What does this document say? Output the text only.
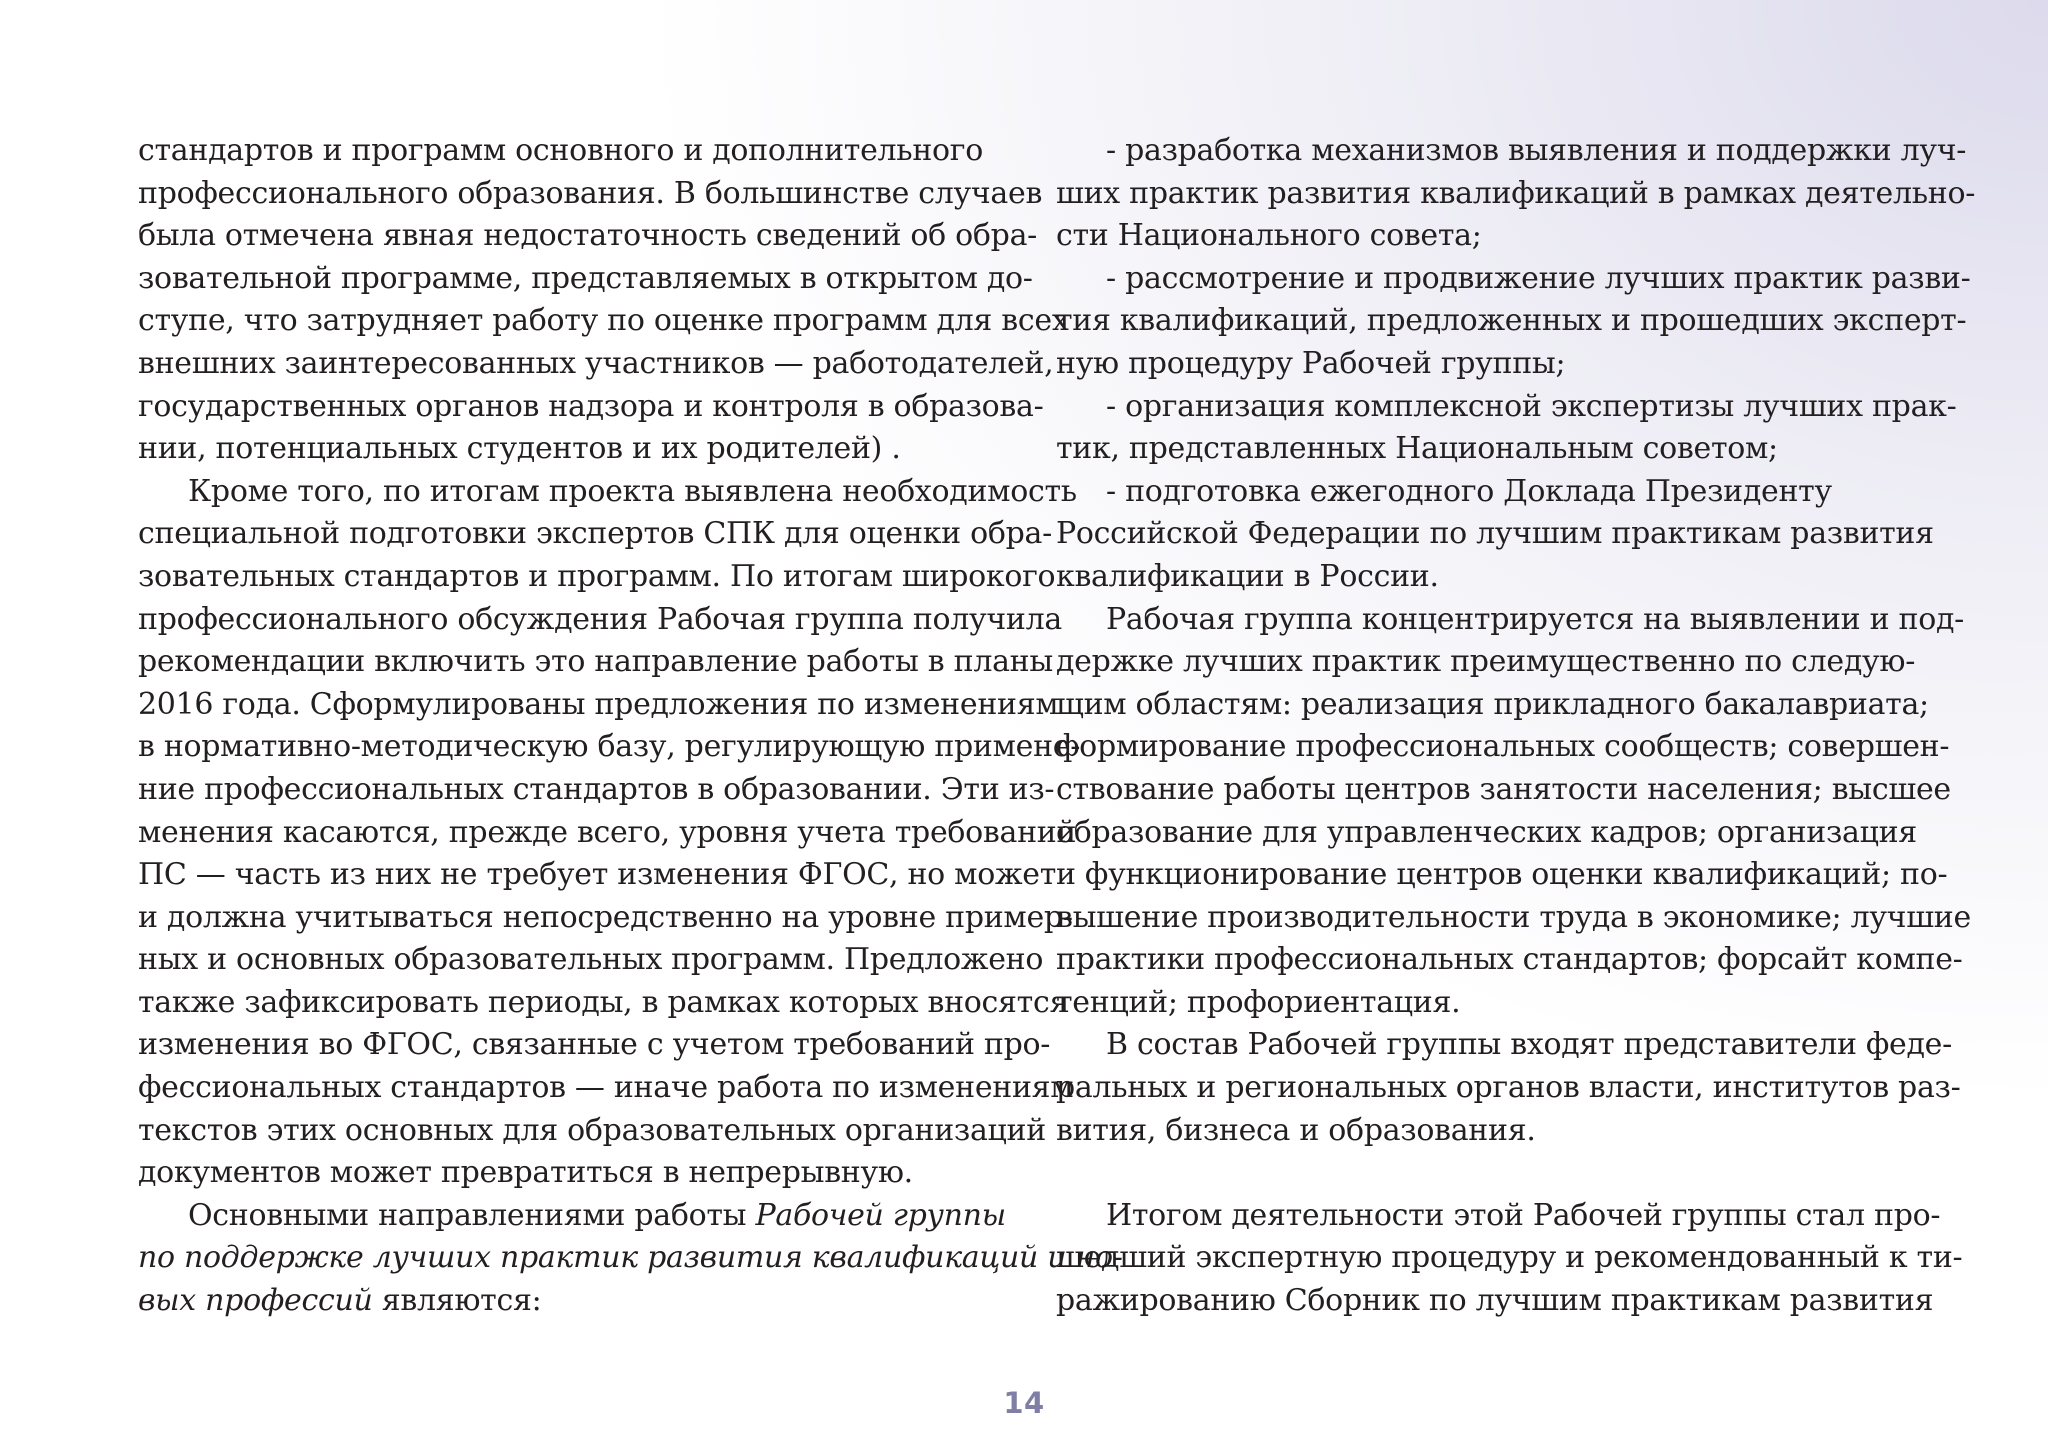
стандартов и программ основного и дополнительного
профессионального образования. В большинстве случаев
была отмечена явная недостаточность сведений об обра-
зовательной программе, представляемых в открытом до-
ступе, что затрудняет работу по оценке программ для всех
внешних заинтересованных участников — работодателей,
государственных органов надзора и контроля в образова-
нии, потенциальных студентов и их родителей) .
Кроме того, по итогам проекта выявлена необходимость
специальной подготовки экспертов СПК для оценки обра-
зовательных стандартов и программ. По итогам широкого
профессионального обсуждения Рабочая группа получила
рекомендации включить это направление работы в планы
2016 года. Сформулированы предложения по изменениям
в нормативно-методическую базу, регулирующую примене-
ние профессиональных стандартов в образовании. Эти из-
менения касаются, прежде всего, уровня учета требований
ПС — часть из них не требует изменения ФГОС, но может
и должна учитываться непосредственно на уровне пример-
ных и основных образовательных программ. Предложено
также зафиксировать периоды, в рамках которых вносятся
изменения во ФГОС, связанные с учетом требований про-
фессиональных стандартов — иначе работа по изменениям
текстов этих основных для образовательных организаций
документов может превратиться в непрерывную.
Основными направлениями работы Рабочей группы
по поддержке лучших практик развития квалификаций и но-
вых профессий являются:
- разработка механизмов выявления и поддержки луч-
ших практик развития квалификаций в рамках деятельно-
сти Национального совета;
- рассмотрение и продвижение лучших практик разви-
тия квалификаций, предложенных и прошедших эксперт-
ную процедуру Рабочей группы;
- организация комплексной экспертизы лучших прак-
тик, представленных Национальным советом;
- подготовка ежегодного Доклада Президенту
Российской Федерации по лучшим практикам развития
квалификации в России.
Рабочая группа концентрируется на выявлении и под-
держке лучших практик преимущественно по следую-
щим областям: реализация прикладного бакалавриата;
формирование профессиональных сообществ; совершен-
ствование работы центров занятости населения; высшее
образование для управленческих кадров; организация
и функционирование центров оценки квалификаций; по-
вышение производительности труда в экономике; лучшие
практики профессиональных стандартов; форсайт компе-
тенций; профориентация.
В состав Рабочей группы входят представители феде-
ральных и региональных органов власти, институтов раз-
вития, бизнеса и образования.
Итогом деятельности этой Рабочей группы стал про-
шедший экспертную процедуру и рекомендованный к ти-
ражированию Сборник по лучшим практикам развития
14
